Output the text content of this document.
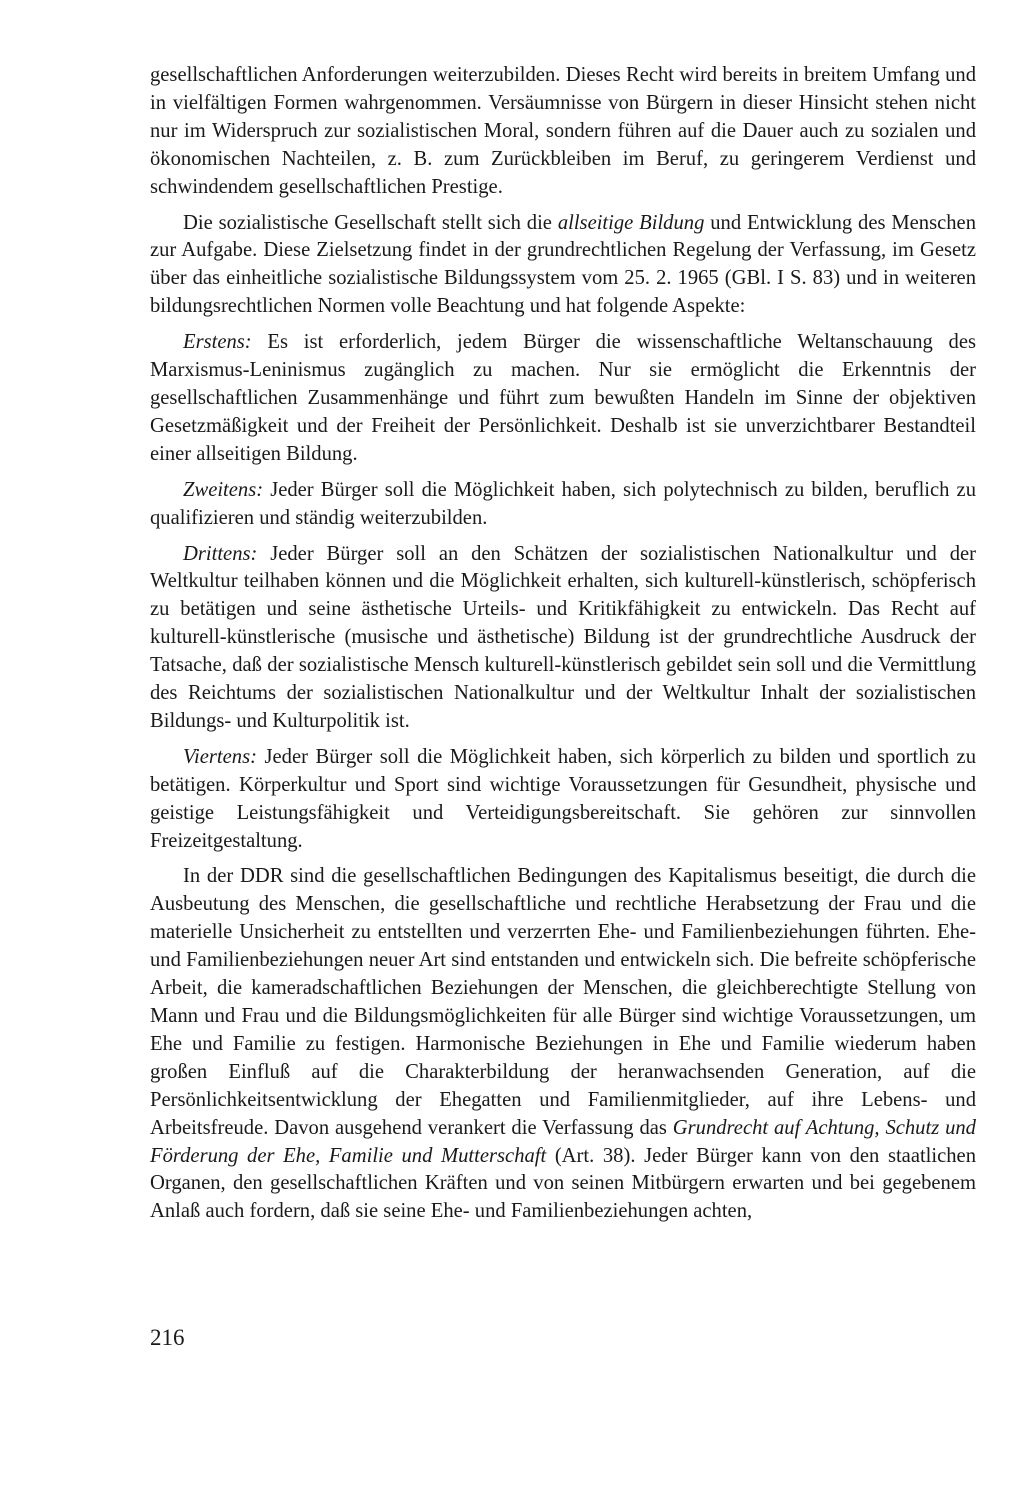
gesellschaftlichen Anforderungen weiterzubilden. Dieses Recht wird bereits in breitem Umfang und in vielfältigen Formen wahrgenommen. Versäumnisse von Bürgern in dieser Hinsicht stehen nicht nur im Widerspruch zur sozialistischen Moral, sondern führen auf die Dauer auch zu sozialen und ökonomischen Nachteilen, z. B. zum Zurückbleiben im Beruf, zu geringerem Verdienst und schwindendem gesellschaftlichen Prestige.

Die sozialistische Gesellschaft stellt sich die allseitige Bildung und Entwicklung des Menschen zur Aufgabe. Diese Zielsetzung findet in der grundrechtlichen Regelung der Verfassung, im Gesetz über das einheitliche sozialistische Bildungssystem vom 25. 2. 1965 (GBl. I S. 83) und in weiteren bildungsrechtlichen Normen volle Beachtung und hat folgende Aspekte:

Erstens: Es ist erforderlich, jedem Bürger die wissenschaftliche Weltanschauung des Marxismus-Leninismus zugänglich zu machen. Nur sie ermöglicht die Erkenntnis der gesellschaftlichen Zusammenhänge und führt zum bewußten Handeln im Sinne der objektiven Gesetzmäßigkeit und der Freiheit der Persönlichkeit. Deshalb ist sie unverzichtbarer Bestandteil einer allseitigen Bildung.

Zweitens: Jeder Bürger soll die Möglichkeit haben, sich polytechnisch zu bilden, beruflich zu qualifizieren und ständig weiterzubilden.

Drittens: Jeder Bürger soll an den Schätzen der sozialistischen Nationalkultur und der Weltkultur teilhaben können und die Möglichkeit erhalten, sich kulturell-künstlerisch, schöpferisch zu betätigen und seine ästhetische Urteils- und Kritikfähigkeit zu entwickeln. Das Recht auf kulturell-künstlerische (musische und ästhetische) Bildung ist der grundrechtliche Ausdruck der Tatsache, daß der sozialistische Mensch kulturell-künstlerisch gebildet sein soll und die Vermittlung des Reichtums der sozialistischen Nationalkultur und der Weltkultur Inhalt der sozialistischen Bildungs- und Kulturpolitik ist.

Viertens: Jeder Bürger soll die Möglichkeit haben, sich körperlich zu bilden und sportlich zu betätigen. Körperkultur und Sport sind wichtige Voraussetzungen für Gesundheit, physische und geistige Leistungsfähigkeit und Verteidigungsbereitschaft. Sie gehören zur sinnvollen Freizeitgestaltung.

In der DDR sind die gesellschaftlichen Bedingungen des Kapitalismus beseitigt, die durch die Ausbeutung des Menschen, die gesellschaftliche und rechtliche Herabsetzung der Frau und die materielle Unsicherheit zu entstellten und verzerrten Ehe- und Familienbeziehungen führten. Ehe- und Familienbeziehungen neuer Art sind entstanden und entwickeln sich. Die befreite schöpferische Arbeit, die kameradschaftlichen Beziehungen der Menschen, die gleichberechtigte Stellung von Mann und Frau und die Bildungsmöglichkeiten für alle Bürger sind wichtige Voraussetzungen, um Ehe und Familie zu festigen. Harmonische Beziehungen in Ehe und Familie wiederum haben großen Einfluß auf die Charakterbildung der heranwachsenden Generation, auf die Persönlichkeitsentwicklung der Ehegatten und Familienmitglieder, auf ihre Lebens- und Arbeitsfreude. Davon ausgehend verankert die Verfassung das Grundrecht auf Achtung, Schutz und Förderung der Ehe, Familie und Mutterschaft (Art. 38). Jeder Bürger kann von den staatlichen Organen, den gesellschaftlichen Kräften und von seinen Mitbürgern erwarten und bei gegebenem Anlaß auch fordern, daß sie seine Ehe- und Familienbeziehungen achten,

216
